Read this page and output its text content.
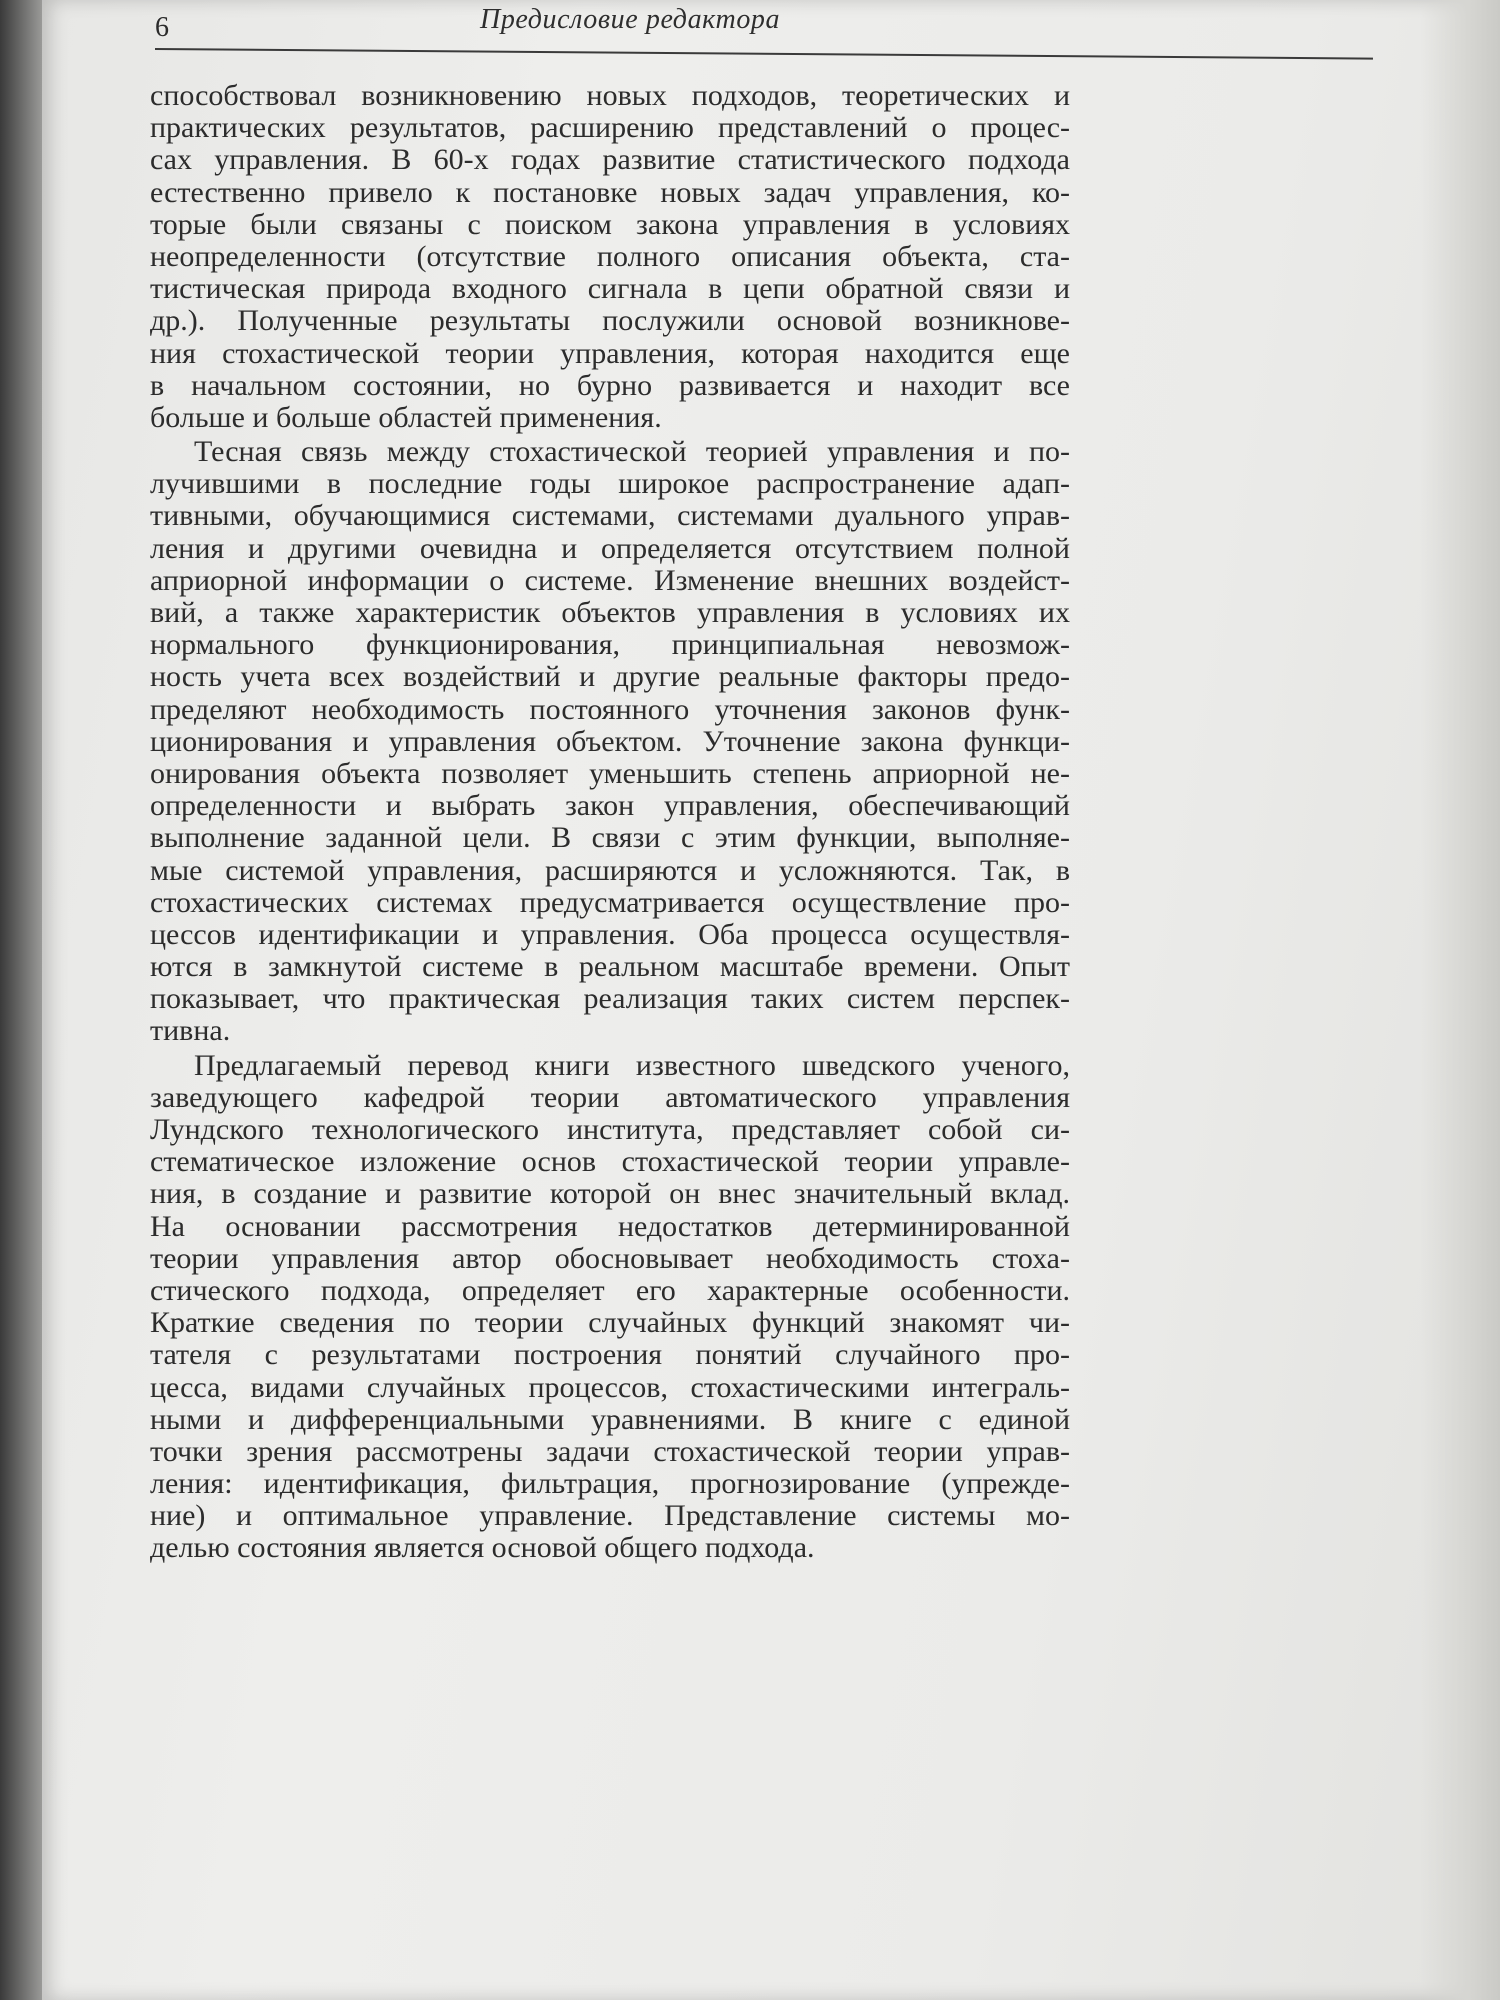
6	Предисловие редактора
способствовал возникновению новых подходов, теоретических и
практических результатов, расширению представлений о процес-
сах управления. В 60-х годах развитие статистического подхода
естественно привело к постановке новых задач управления, ко-
торые были связаны с поиском закона управления в условиях
неопределенности (отсутствие полного описания объекта, ста-
тистическая природа входного сигнала в цепи обратной связи и
др.). Полученные результаты послужили основой возникнове-
ния стохастической теории управления, которая находится еще
в начальном состоянии, но бурно развивается и находит все
больше и больше областей применения.
Тесная связь между стохастической теорией управления и по-
лучившими в последние годы широкое распространение адап-
тивными, обучающимися системами, системами дуального управ-
ления и другими очевидна и определяется отсутствием полной
априорной информации о системе. Изменение внешних воздейст-
вий, а также характеристик объектов управления в условиях их
нормального функционирования, принципиальная невозмож-
ность учета всех воздействий и другие реальные факторы предо-
пределяют необходимость постоянного уточнения законов функ-
ционирования и управления объектом. Уточнение закона функци-
онирования объекта позволяет уменьшить степень априорной не-
определенности и выбрать закон управления, обеспечивающий
выполнение заданной цели. В связи с этим функции, выполняе-
мые системой управления, расширяются и усложняются. Так, в
стохастических системах предусматривается осуществление про-
цессов идентификации и управления. Оба процесса осуществля-
ются в замкнутой системе в реальном масштабе времени. Опыт
показывает, что практическая реализация таких систем перспек-
тивна.
Предлагаемый перевод книги известного шведского ученого,
заведующего кафедрой теории автоматического управления
Лундского технологического института, представляет собой си-
стематическое изложение основ стохастической теории управле-
ния, в создание и развитие которой он внес значительный вклад.
На основании рассмотрения недостатков детерминированной
теории управления автор обосновывает необходимость стоха-
стического подхода, определяет его характерные особенности.
Краткие сведения по теории случайных функций знакомят чи-
тателя с результатами построения понятий случайного про-
цесса, видами случайных процессов, стохастическими интеграль-
ными и дифференциальными уравнениями. В книге с единой
точки зрения рассмотрены задачи стохастической теории управ-
ления: идентификация, фильтрация, прогнозирование (упрежде-
ние) и оптимальное управление. Представление системы мо-
делью состояния является основой общего подхода.
